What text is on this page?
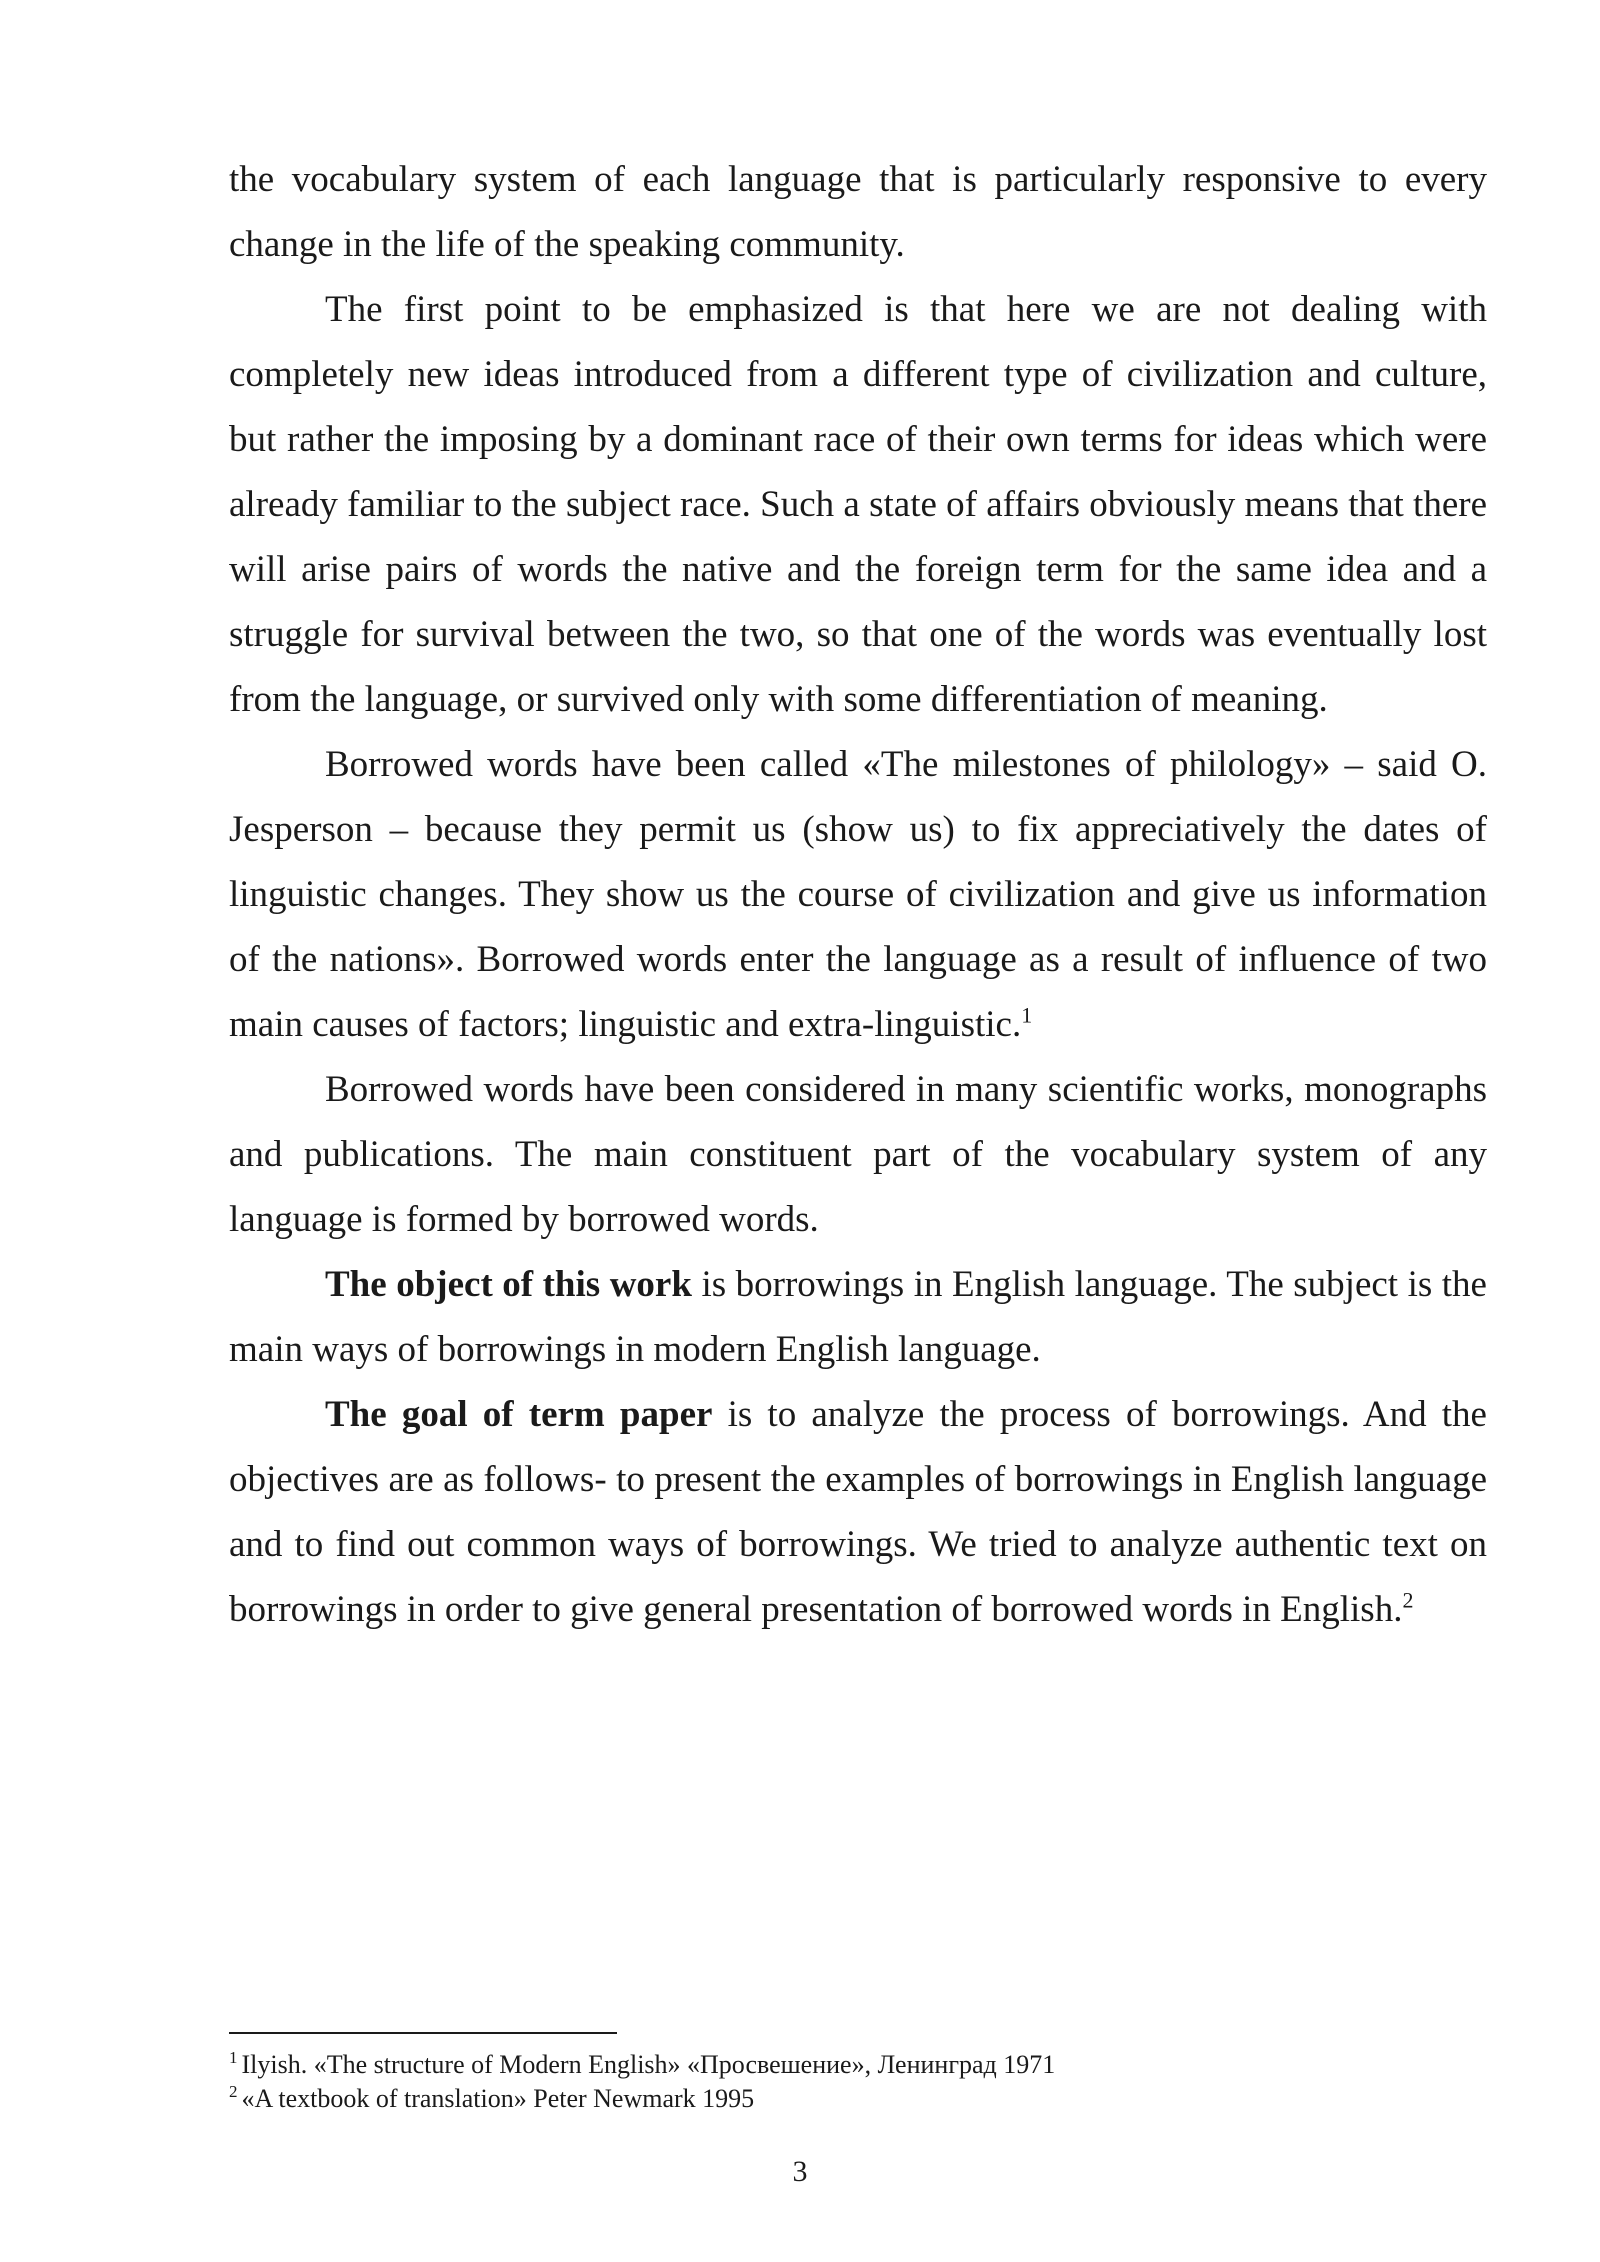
the vocabulary system of each language that is particularly responsive to every change in the life of the speaking community.

The first point to be emphasized is that here we are not dealing with completely new ideas introduced from a different type of civilization and culture, but rather the imposing by a dominant race of their own terms for ideas which were already familiar to the subject race. Such a state of affairs obviously means that there will arise pairs of words the native and the foreign term for the same idea and a struggle for survival between the two, so that one of the words was eventually lost from the language, or survived only with some differentiation of meaning.

Borrowed words have been called «The milestones of philology» – said O. Jesperson – because they permit us (show us) to fix appreciatively the dates of linguistic changes. They show us the course of civilization and give us information of the nations». Borrowed words enter the language as a result of influence of two main causes of factors; linguistic and extra-linguistic.$^1$

Borrowed words have been considered in many scientific works, monographs and publications. The main constituent part of the vocabulary system of any language is formed by borrowed words.

The object of this work is borrowings in English language. The subject is the main ways of borrowings in modern English language.

The goal of term paper is to analyze the process of borrowings. And the objectives are as follows- to present the examples of borrowings in English language and to find out common ways of borrowings. We tried to analyze authentic text on borrowings in order to give general presentation of borrowed words in English.$^2$

$^1$ Ilyish. «The structure of Modern English» «Просвешение», Ленинград 1971

$^2$ «A textbook of translation» Peter Newmark 1995

3
